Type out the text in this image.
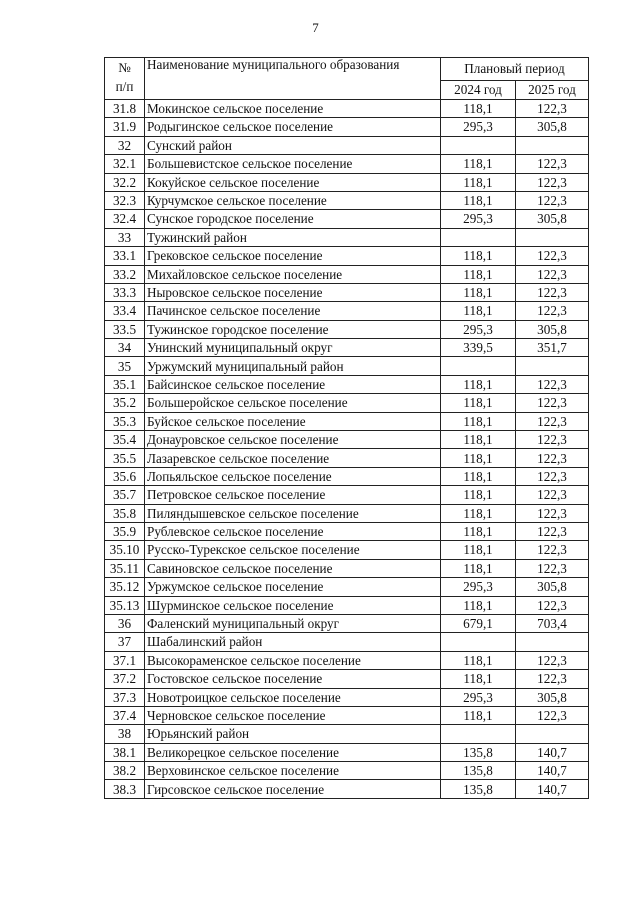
7
№
п/п	Наименование муниципального образования	Плановый период	
		2024 год	2025 год
31.8	Мокинское сельское поселение	118,1	122,3
31.9	Родыгинское сельское поселение	295,3	305,8
32	Сунский район		
32.1	Большевистское сельское поселение	118,1	122,3
32.2	Кокуйское сельское поселение	118,1	122,3
32.3	Курчумское сельское поселение	118,1	122,3
32.4	Сунское городское поселение	295,3	305,8
33	Тужинский район		
33.1	Грековское сельское поселение	118,1	122,3
33.2	Михайловское сельское поселение	118,1	122,3
33.3	Ныровское сельское поселение	118,1	122,3
33.4	Пачинское сельское поселение	118,1	122,3
33.5	Тужинское городское поселение	295,3	305,8
34	Унинский муниципальный округ	339,5	351,7
35	Уржумский муниципальный район		
35.1	Байсинское сельское поселение	118,1	122,3
35.2	Большеройское сельское поселение	118,1	122,3
35.3	Буйское сельское поселение	118,1	122,3
35.4	Донауровское сельское поселение	118,1	122,3
35.5	Лазаревское сельское поселение	118,1	122,3
35.6	Лопьяльское сельское поселение	118,1	122,3
35.7	Петровское сельское поселение	118,1	122,3
35.8	Пиляндышевское сельское поселение	118,1	122,3
35.9	Рублевское сельское поселение	118,1	122,3
35.10	Русско-Турекское сельское поселение	118,1	122,3
35.11	Савиновское сельское поселение	118,1	122,3
35.12	Уржумское сельское поселение	295,3	305,8
35.13	Шурминское сельское поселение	118,1	122,3
36	Фаленский муниципальный округ	679,1	703,4
37	Шабалинский район		
37.1	Высокораменское сельское поселение	118,1	122,3
37.2	Гостовское сельское поселение	118,1	122,3
37.3	Новотроицкое сельское поселение	295,3	305,8
37.4	Черновское сельское поселение	118,1	122,3
38	Юрьянский район		
38.1	Великорецкое сельское поселение	135,8	140,7
38.2	Верховинское сельское поселение	135,8	140,7
38.3	Гирсовское сельское поселение	135,8	140,7
